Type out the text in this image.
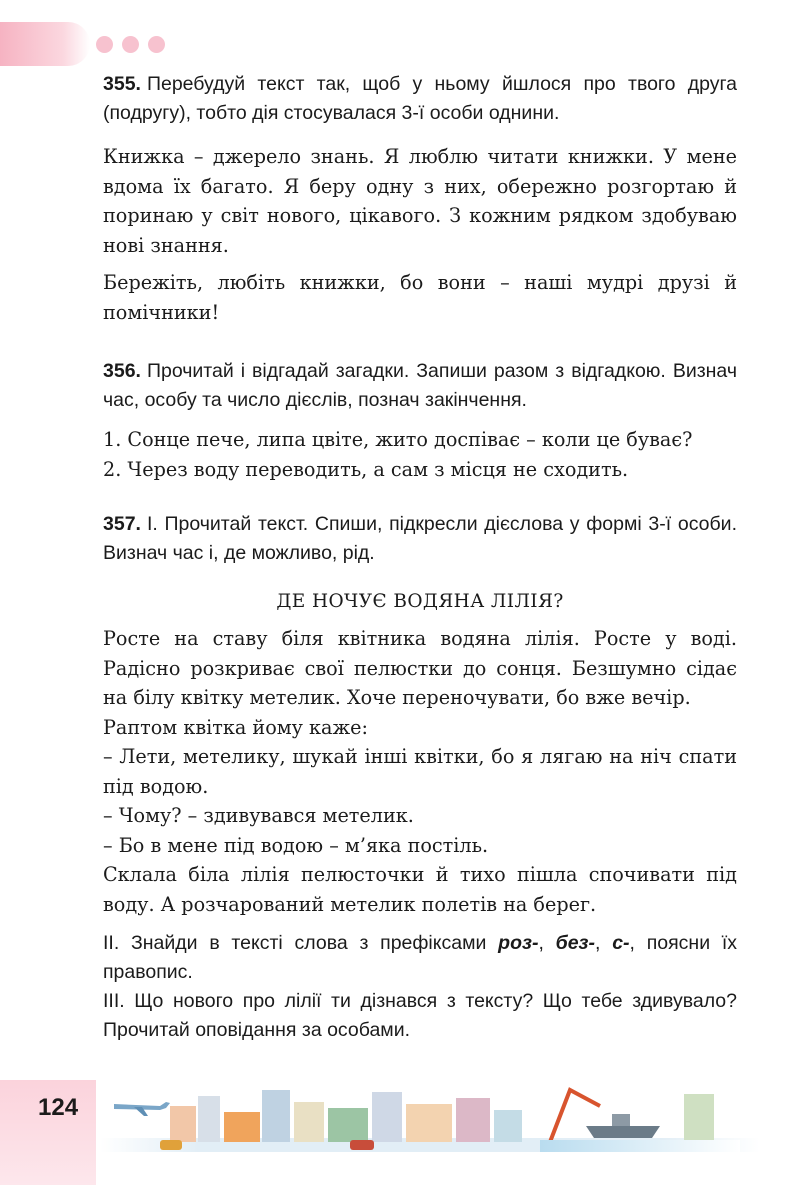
355. Перебудуй текст так, щоб у ньому йшлося про твого друга (подругу), тобто дія стосувалася 3-ї особи однини.

Книжка – джерело знань. Я люблю читати книжки. У мене вдома їх багато. Я беру одну з них, обережно розгортаю й поринаю у світ нового, цікавого. З кожним рядком здобуваю нові знання.

Бережіть, любіть книжки, бо вони – наші мудрі друзі й помічники!

356. Прочитай і відгадай загадки. Запиши разом з відгадкою. Визнач час, особу та число дієслів, познач закінчення.

1. Сонце пече, липа цвіте, жито доспіває – коли це буває?

2. Через воду переводить, а сам з місця не сходить.

357. І. Прочитай текст. Спиши, підкресли дієслова у формі 3-ї особи. Визнач час і, де можливо, рід.

ДЕ НОЧУЄ ВОДЯНА ЛІЛІЯ?

Росте на ставу біля квітника водяна лілія. Росте у воді. Радісно розкриває свої пелюстки до сонця. Безшумно сідає на білу квітку метелик. Хоче переночувати, бо вже вечір.

Раптом квітка йому каже:

– Лети, метелику, шукай інші квітки, бо я лягаю на ніч спати під водою.

– Чому? – здивувався метелик.

– Бо в мене під водою – м’яка постіль.

Склала біла лілія пелюсточки й тихо пішла спочивати під воду. А розчарований метелик полетів на берег.

ІІ. Знайди в тексті слова з префіксами роз-, без-, с-, поясни їх правопис.

ІІІ. Що нового про лілії ти дізнався з тексту? Що тебе здивувало? Прочитай оповідання за особами.

124
